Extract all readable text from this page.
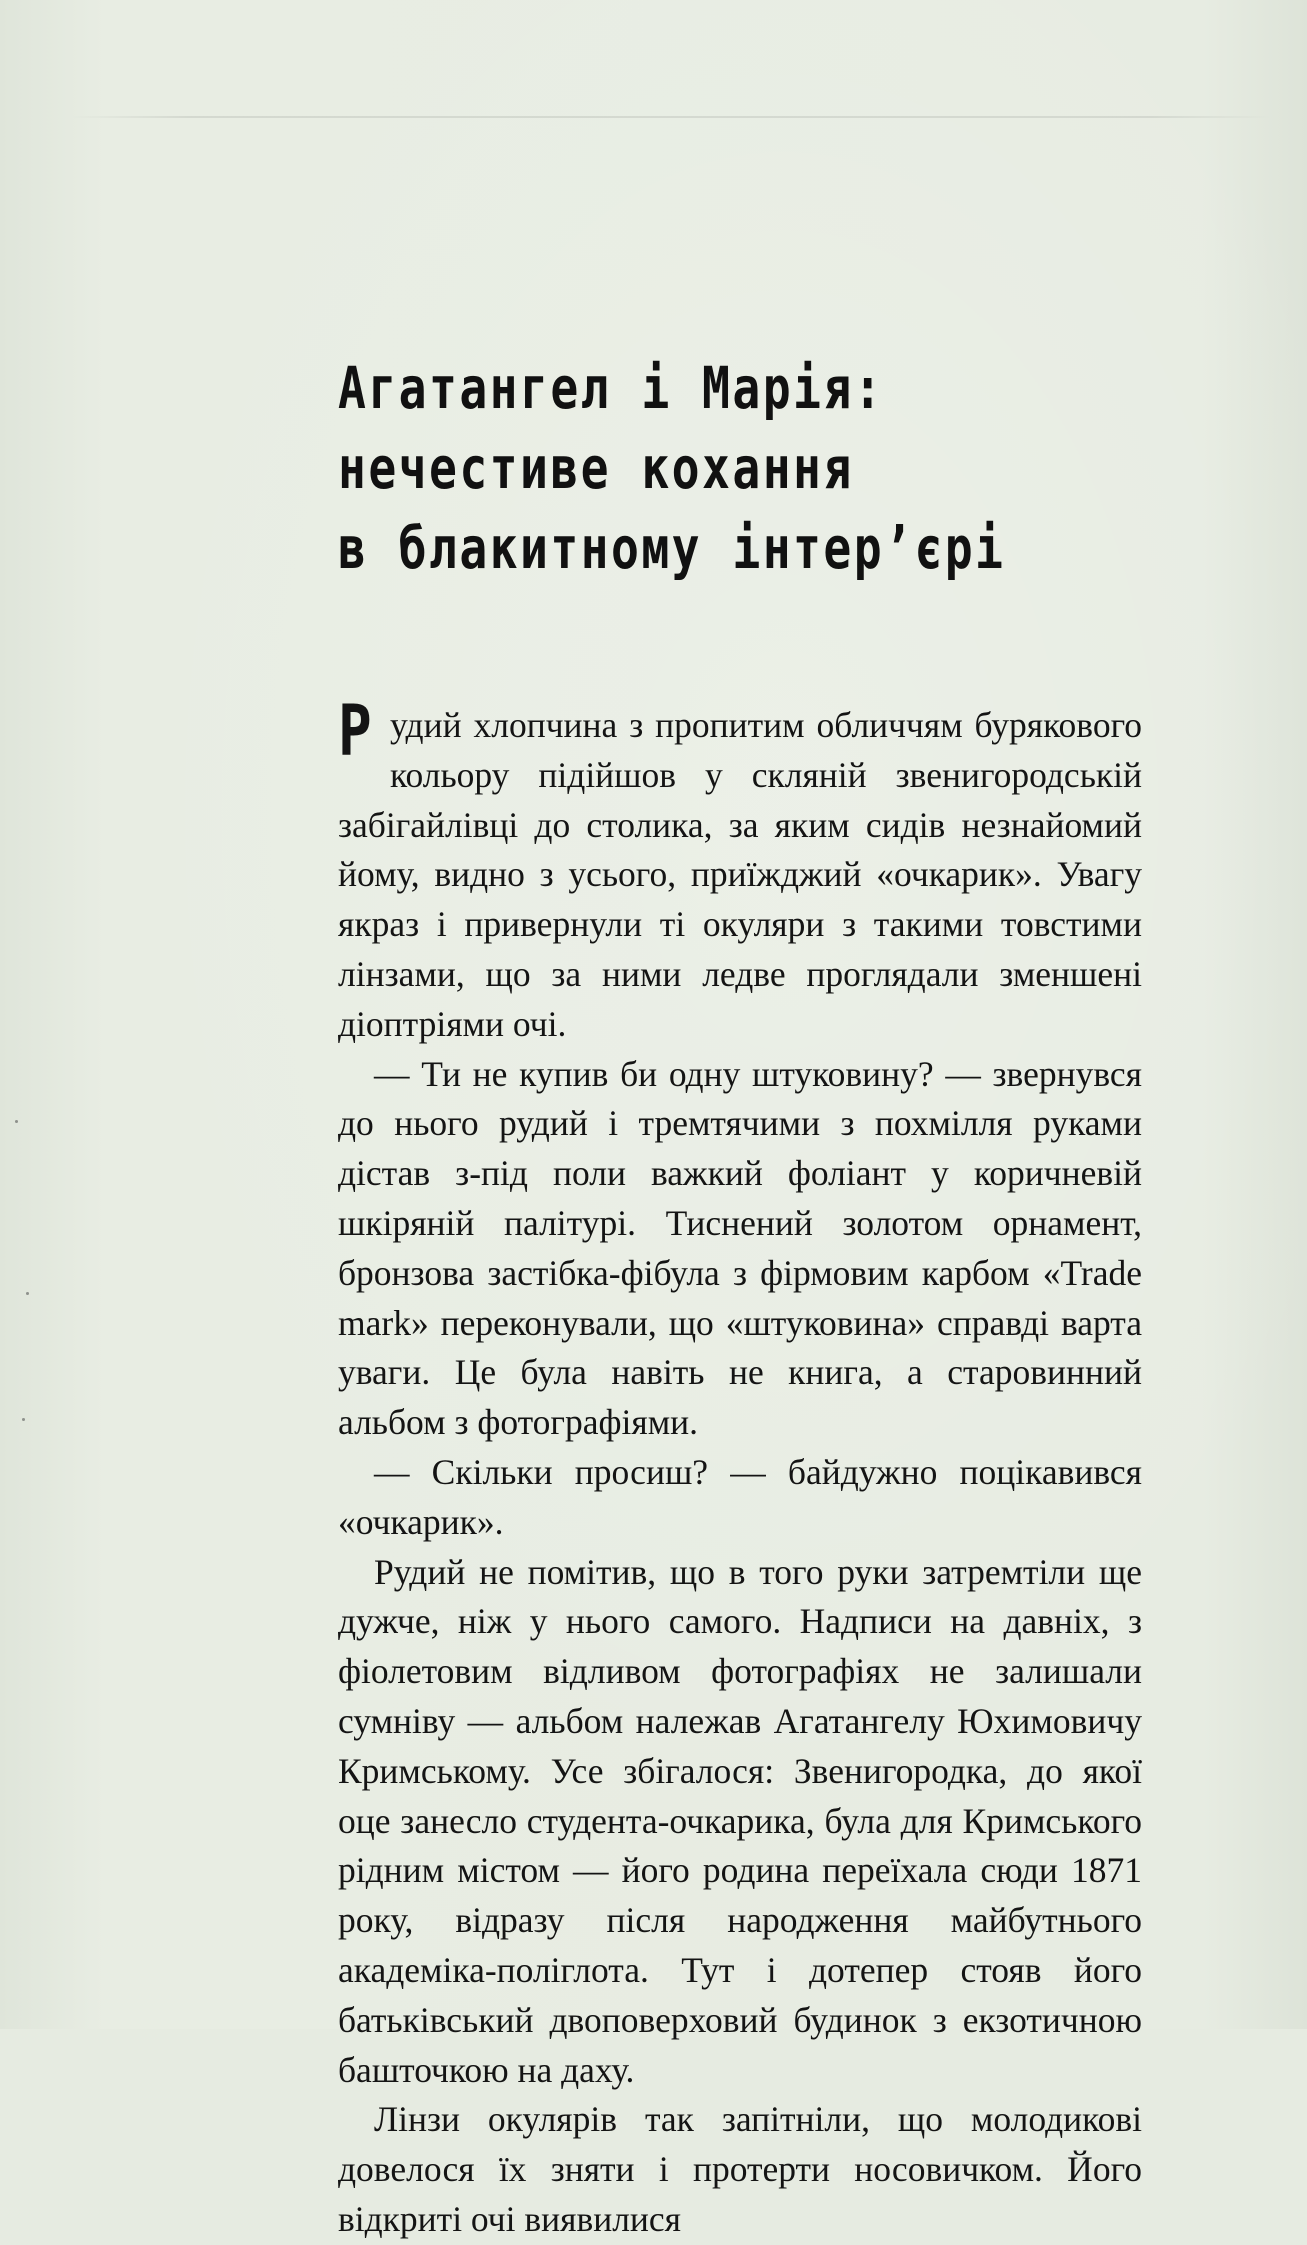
Агатангел і Марія:
нечестиве кохання
в блакитному інтер’єрі

Рудий хлопчина з пропитим обличчям бурякового кольору підійшов у скляній звенигородській забігайлівці до столика, за яким сидів незнайомий йому, видно з усього, приїжджий «очкарик». Увагу якраз і привернули ті окуляри з такими товстими лінзами, що за ними ледве проглядали зменшені діоптріями очі.

— Ти не купив би одну штуковину? — звернувся до нього рудий і тремтячими з похмілля руками дістав з-під поли важкий фоліант у коричневій шкіряній палітурі. Тиснений золотом орнамент, бронзова застібка-фібула з фірмовим карбом «Trade mark» переконували, що «штуковина» справді варта уваги. Це була навіть не книга, а старовинний альбом з фотографіями.

— Скільки просиш? — байдужно поцікавився «очкарик».

Рудий не помітив, що в того руки затремтіли ще дужче, ніж у нього самого. Надписи на давніх, з фіолетовим відливом фотографіях не залишали сумніву — альбом належав Агатангелу Юхимовичу Кримському. Усе збігалося: Звенигородка, до якої оце занесло студента-очкарика, була для Кримського рідним містом — його родина переїхала сюди 1871 року, відразу після народження майбутнього академіка-поліглота. Тут і дотепер стояв його батьківський двоповерховий будинок з екзотичною башточкою на даху.

Лінзи окулярів так запітніли, що молодикові довелося їх зняти і протерти носовичком. Його відкриті очі виявилися
